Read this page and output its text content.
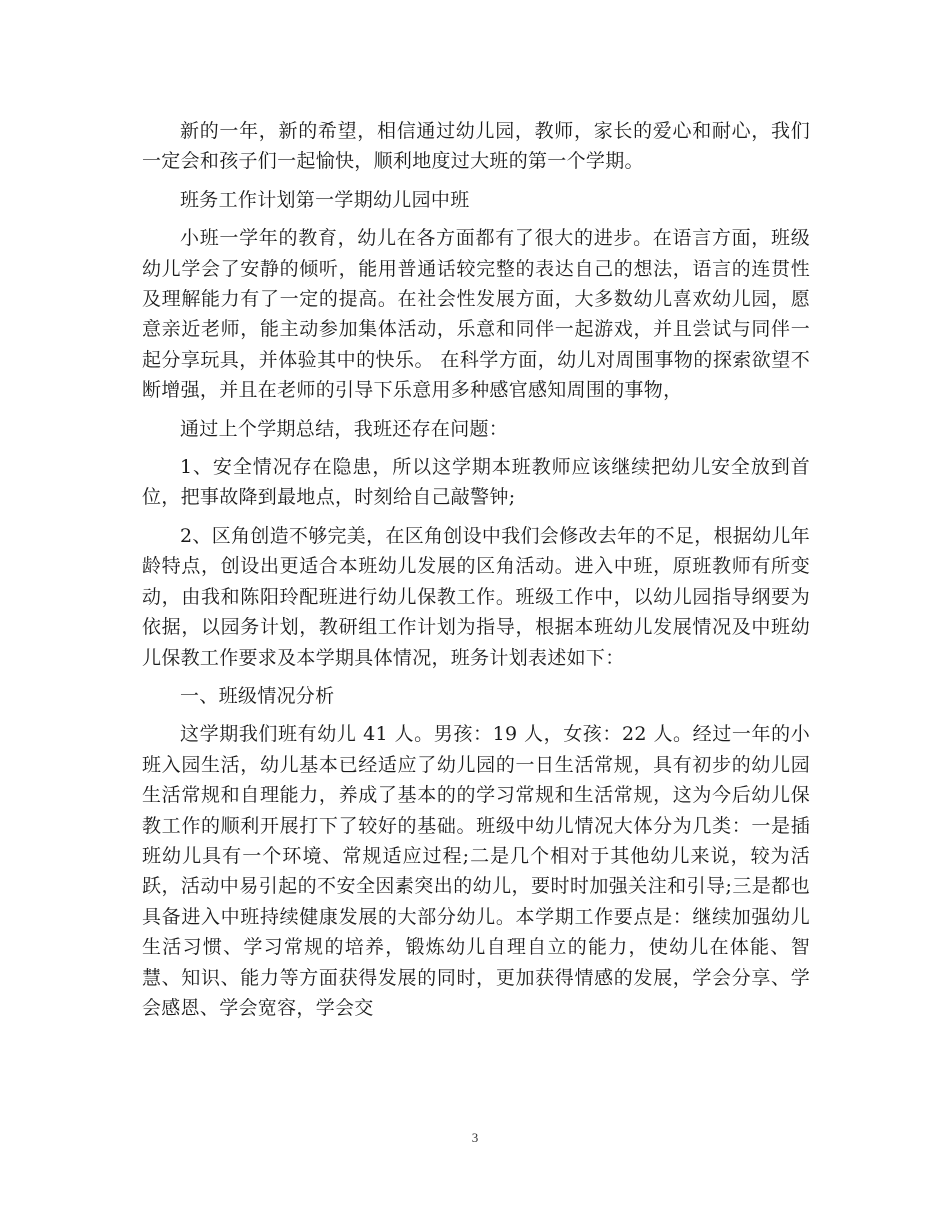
新的一年，新的希望，相信通过幼儿园，教师，家长的爱心和耐心，我们一定会和孩子们一起愉快，顺利地度过大班的第一个学期。

班务工作计划第一学期幼儿园中班

小班一学年的教育，幼儿在各方面都有了很大的进步。在语言方面，班级幼儿学会了安静的倾听，能用普通话较完整的表达自己的想法，语言的连贯性及理解能力有了一定的提高。在社会性发展方面，大多数幼儿喜欢幼儿园，愿意亲近老师，能主动参加集体活动，乐意和同伴一起游戏，并且尝试与同伴一起分享玩具，并体验其中的快乐。 在科学方面，幼儿对周围事物的探索欲望不断增强，并且在老师的引导下乐意用多种感官感知周围的事物，

通过上个学期总结，我班还存在问题：

1、安全情况存在隐患，所以这学期本班教师应该继续把幼儿安全放到首位，把事故降到最地点，时刻给自己敲警钟;

2、区角创造不够完美，在区角创设中我们会修改去年的不足，根据幼儿年龄特点，创设出更适合本班幼儿发展的区角活动。进入中班，原班教师有所变动，由我和陈阳玲配班进行幼儿保教工作。班级工作中，以幼儿园指导纲要为依据，以园务计划，教研组工作计划为指导，根据本班幼儿发展情况及中班幼儿保教工作要求及本学期具体情况，班务计划表述如下：

一、班级情况分析

这学期我们班有幼儿 41 人。男孩：19 人，女孩：22 人。经过一年的小班入园生活，幼儿基本已经适应了幼儿园的一日生活常规，具有初步的幼儿园生活常规和自理能力，养成了基本的的学习常规和生活常规，这为今后幼儿保教工作的顺利开展打下了较好的基础。班级中幼儿情况大体分为几类：一是插班幼儿具有一个环境、常规适应过程;二是几个相对于其他幼儿来说，较为活跃，活动中易引起的不安全因素突出的幼儿，要时时加强关注和引导;三是都也具备进入中班持续健康发展的大部分幼儿。本学期工作要点是：继续加强幼儿生活习惯、学习常规的培养，锻炼幼儿自理自立的能力，使幼儿在体能、智慧、知识、能力等方面获得发展的同时，更加获得情感的发展，学会分享、学会感恩、学会宽容，学会交

3
